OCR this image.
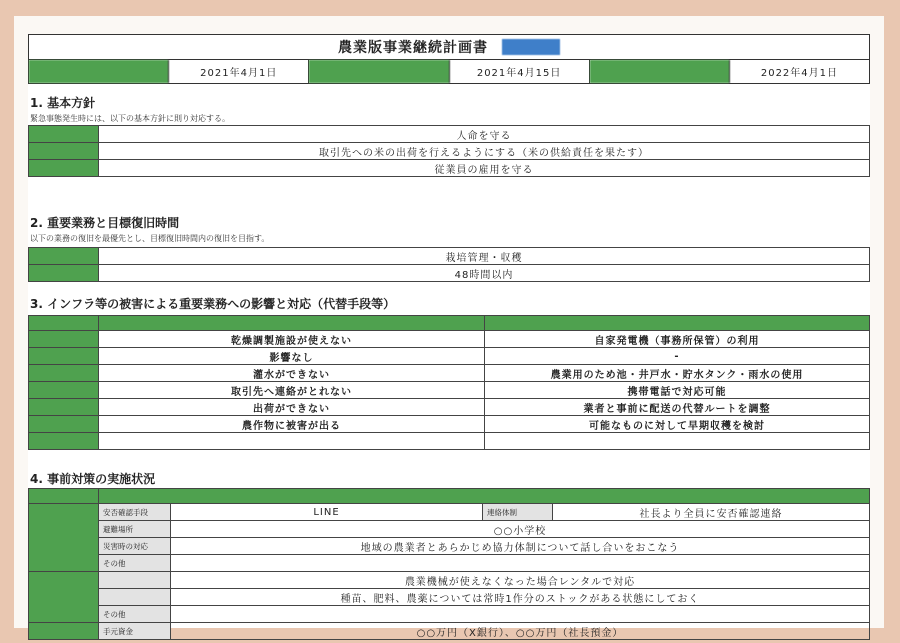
農業版事業継続計画書
2021年4月1日	2021年4月15日	2022年4月1日
1. 基本方針
緊急事態発生時には、以下の基本方針に則り対応する。
	人命を守る
	取引先への米の出荷を行えるようにする（米の供給責任を果たす）
	従業員の雇用を守る
2. 重要業務と目標復旧時間
以下の業務の復旧を最優先とし、目標復旧時間内の復旧を目指す。
	栽培管理・収穫
	48時間以内
3. インフラ等の被害による重要業務への影響と対応（代替手段等）

	乾燥調製施設が使えない	自家発電機（事務所保管）の利用
	影響なし	-
	灌水ができない	農業用のため池・井戸水・貯水タンク・雨水の使用
	取引先へ連絡がとれない	携帯電話で対応可能
	出荷ができない	業者と事前に配送の代替ルートを調整
	農作物に被害が出る	可能なものに対して早期収穫を検討

4. 事前対策の実施状況

	安否確認手段	LINE	連絡体制	社長より全員に安否確認連絡
	避難場所	○○小学校		
	災害時の対応	地域の農業者とあらかじめ協力体制について話し合いをおこなう		
	その他			
		農業機械が使えなくなった場合レンタルで対応		
		種苗、肥料、農薬については常時1作分のストックがある状態にしておく		
	その他			
	手元資金	○○万円（X銀行）、○○万円（社長預金）		
